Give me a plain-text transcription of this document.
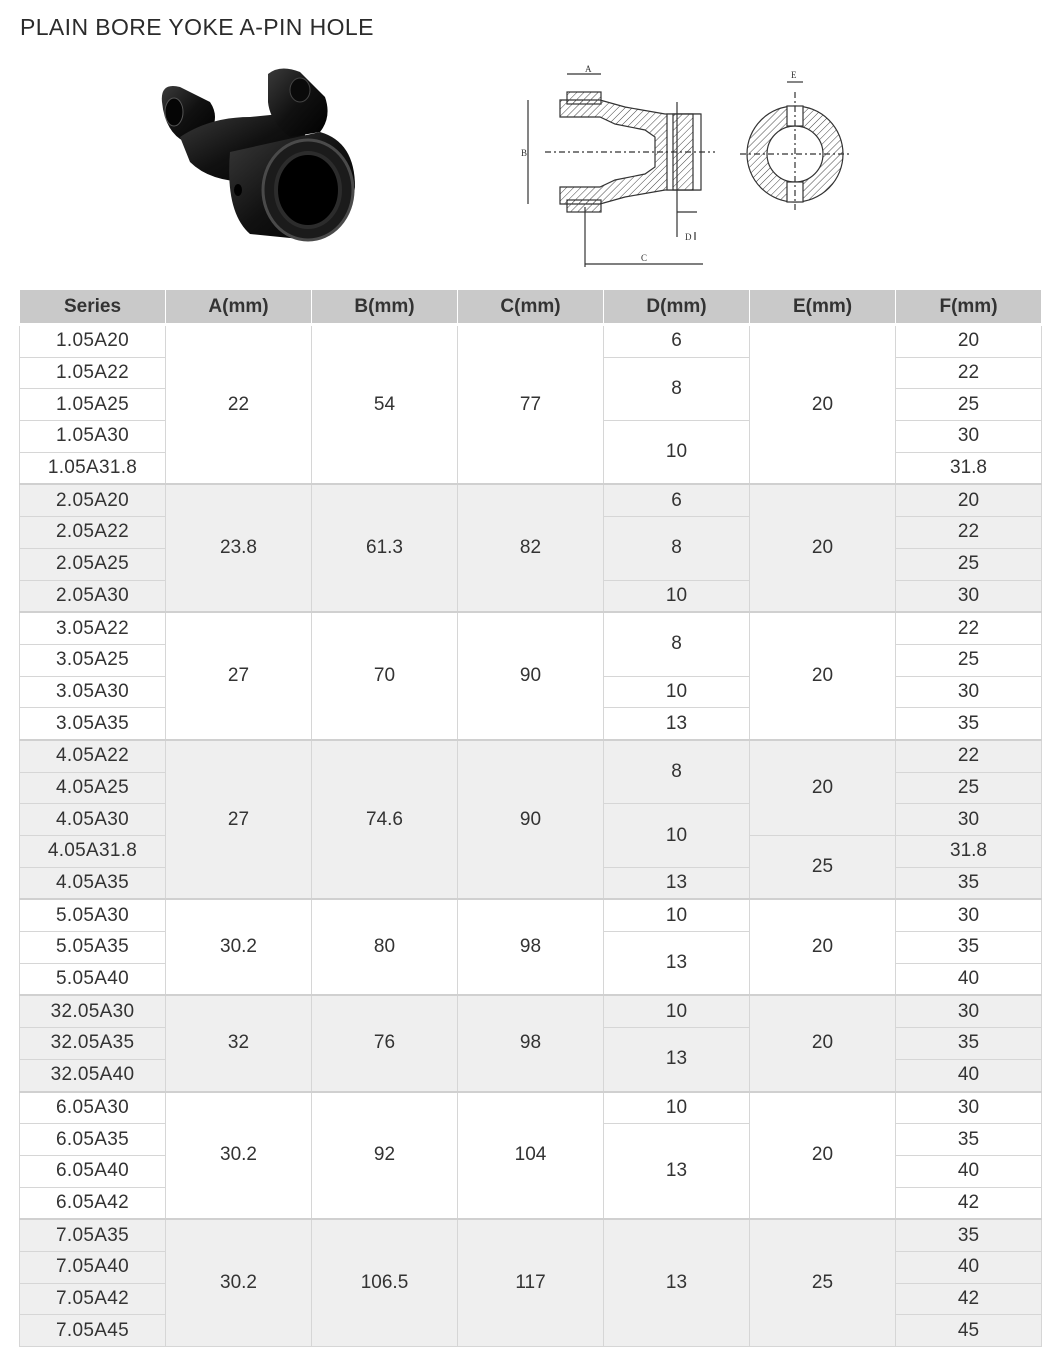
PLAIN BORE YOKE A-PIN HOLE
A
B
C
D
E
Series	A(mm)	B(mm)	C(mm)	D(mm)	E(mm)	F(mm)
1.05A20	22	54	77	6	20	20
1.05A22				8		22
1.05A25						25
1.05A30				10		30
1.05A31.8						31.8
2.05A20	23.8	61.3	82	6	20	20
2.05A22				8		22
2.05A25						25
2.05A30				10		30
3.05A22	27	70	90	8	20	22
3.05A25						25
3.05A30				10		30
3.05A35				13		35
4.05A22	27	74.6	90	8	20	22
4.05A25						25
4.05A30				10		30
4.05A31.8					25	31.8
4.05A35				13		35
5.05A30	30.2	80	98	10	20	30
5.05A35				13		35
5.05A40						40
32.05A30	32	76	98	10	20	30
32.05A35				13		35
32.05A40						40
6.05A30	30.2	92	104	10	20	30
6.05A35				13		35
6.05A40						40
6.05A42						42
7.05A35	30.2	106.5	117	13	25	35
7.05A40						40
7.05A42						42
7.05A45						45
